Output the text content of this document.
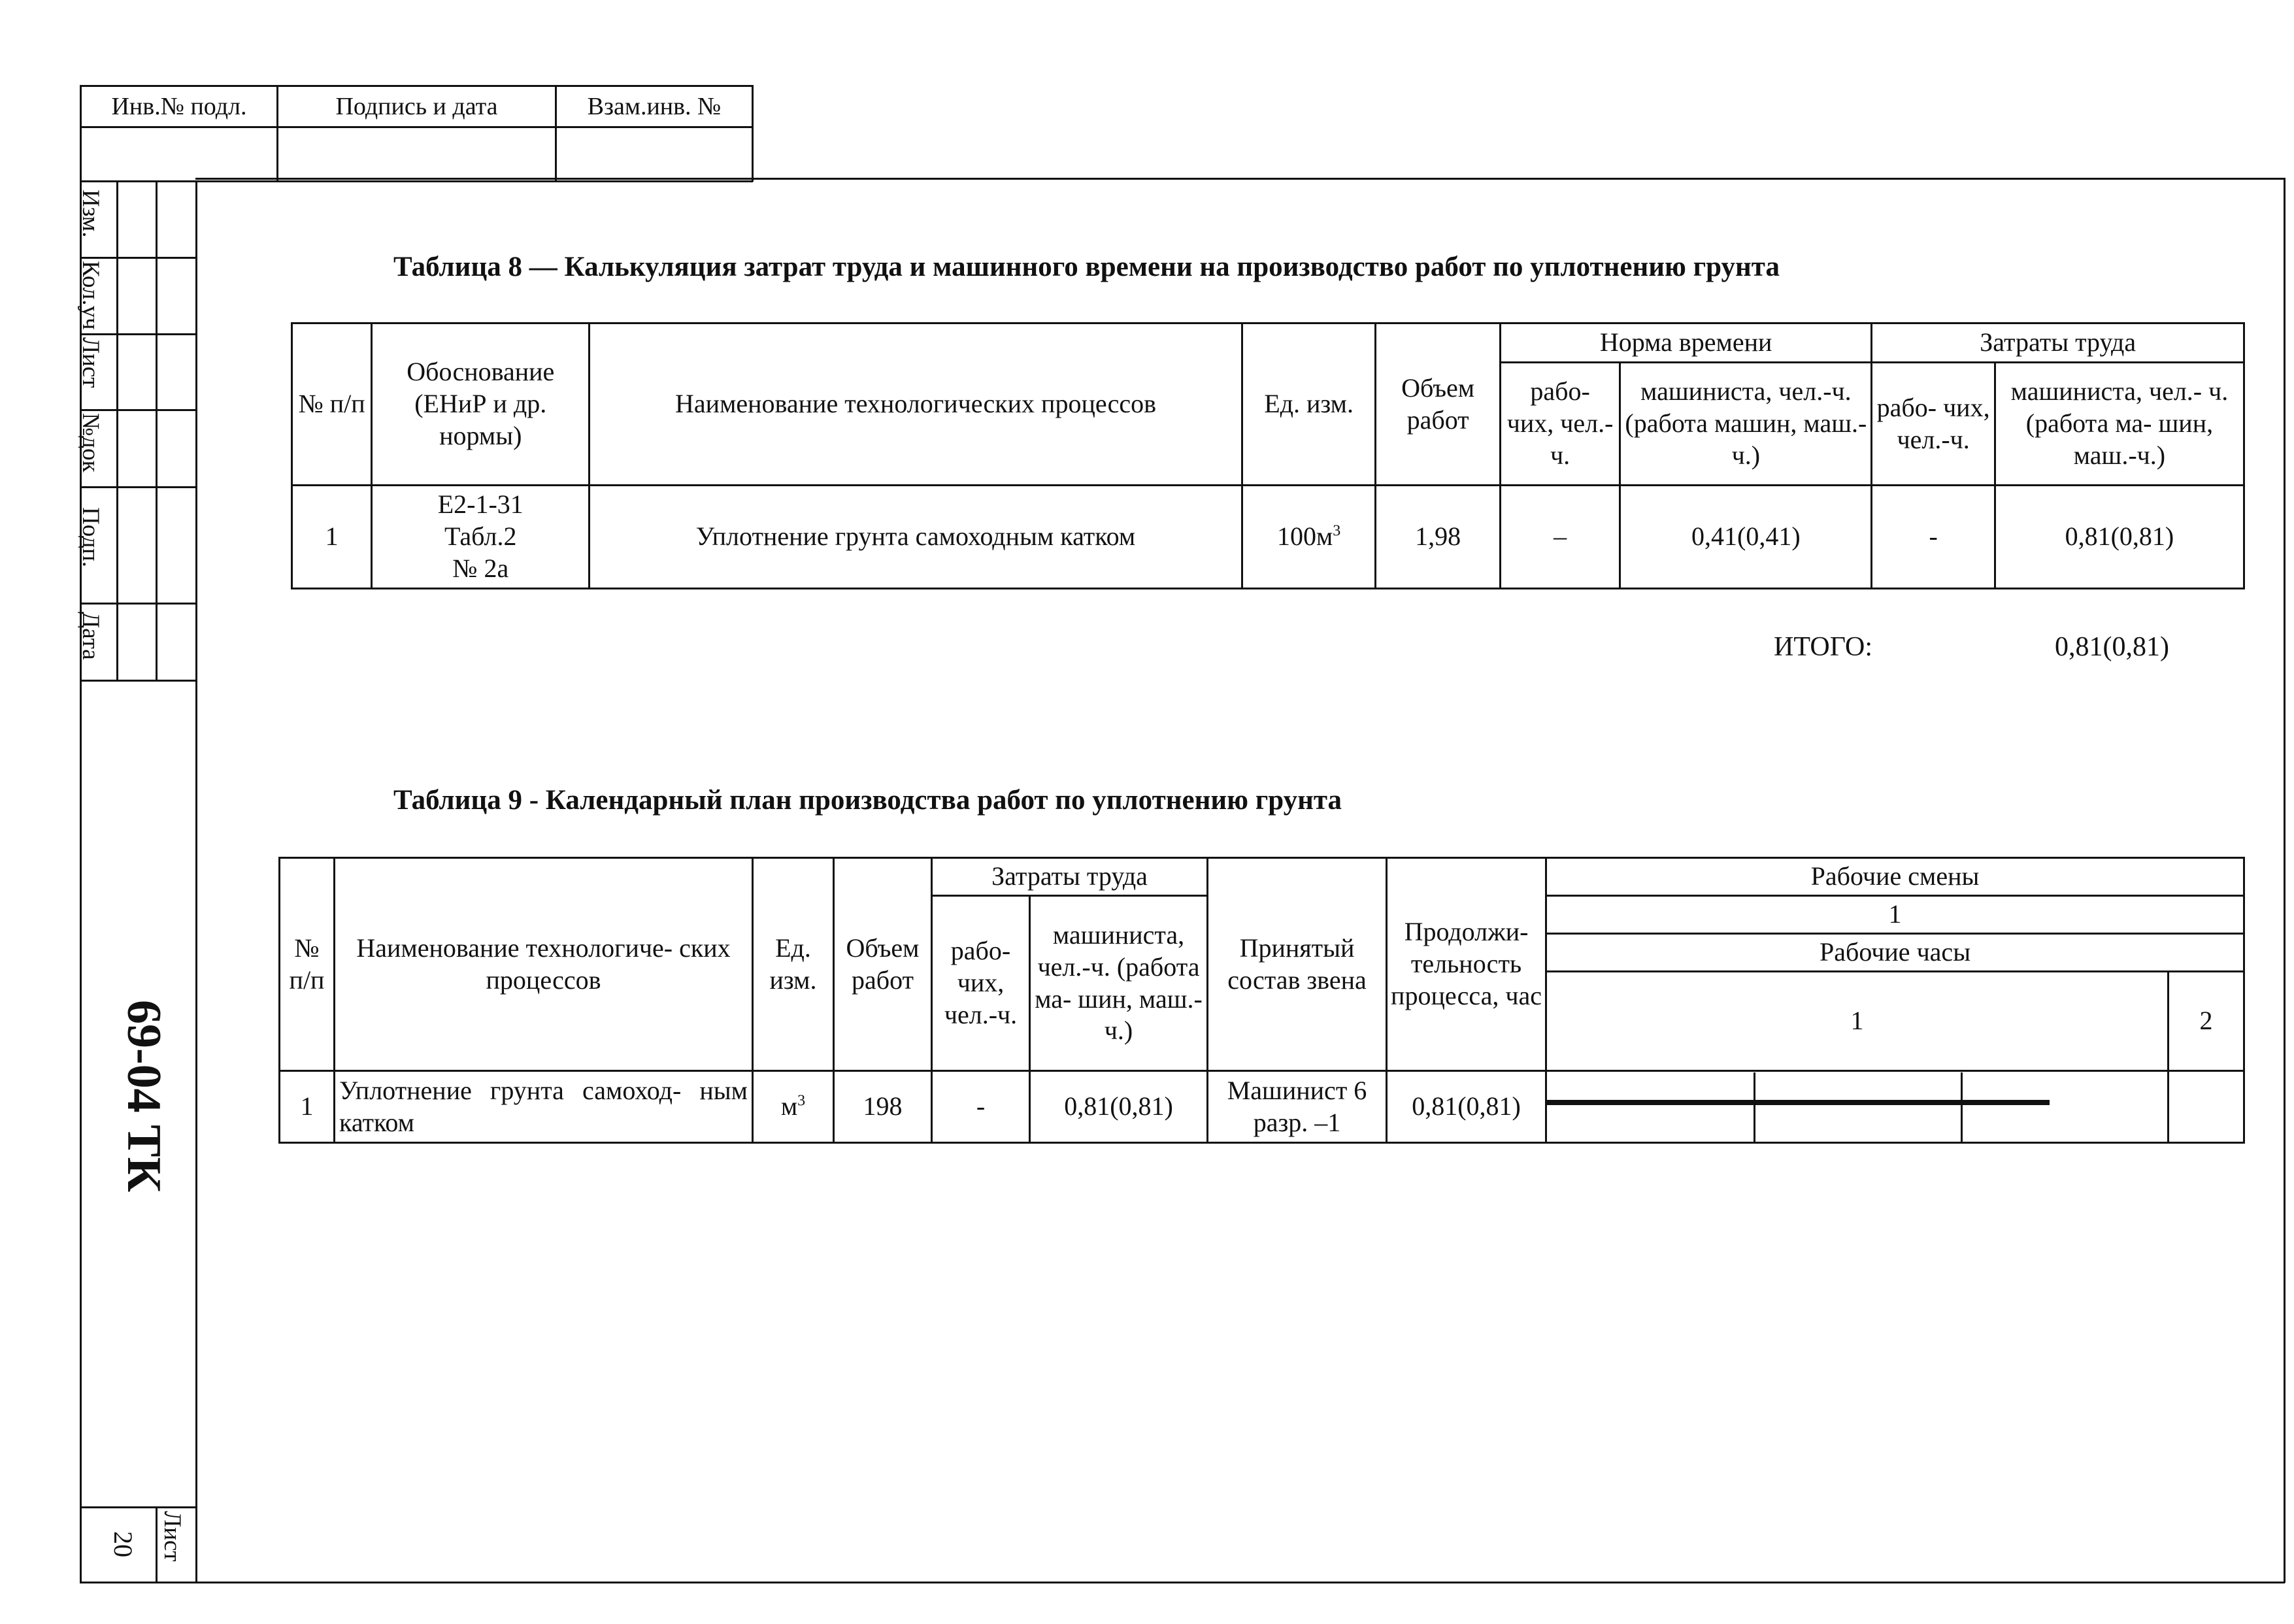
Инв.№ подл.	Подпись и дата	Взам.инв. №
Изм.
Кол.уч
Лист
№док
Подп.
Дата
69-04 ТК
Лист
20
Таблица 8 — Калькуляция затрат труда и машинного времени на производство работ по уплотнению грунта
№ п/п	Обоснование (ЕНиР и др. нормы)	Наименование технологических процессов	Ед. изм.	Объем работ	Норма времени		Затраты труда	
					рабо- чих, чел.-ч.	машиниста, чел.-ч. (работа машин, маш.-ч.)	рабо- чих, чел.-ч.	машиниста, чел.- ч. (работа ма- шин, маш.-ч.)
1	Е2-1-31
Табл.2
№ 2а	Уплотнение грунта самоходным катком	$100м^3$	1,98	–	0,41(0,41)	-	0,81(0,81)
ИТОГО:	0,81(0,81)
Таблица 9 - Календарный план производства работ по уплотнению грунта
№ п/п	Наименование технологиче- ских процессов	Ед. изм.	Объем работ	Затраты труда		Принятый состав звена	Продолжи- тельность процесса, час	Рабочие смены	
				рабо- чих, чел.-ч.	машиниста, чел.-ч. (работа ма- шин, маш.-ч.)			1	
								Рабочие часы	
								1	2
1	Уплотнение грунта самоход- ным катком	$м^3$	198	-	0,81(0,81)	Машинист 6 разр. –1	0,81(0,81)	
